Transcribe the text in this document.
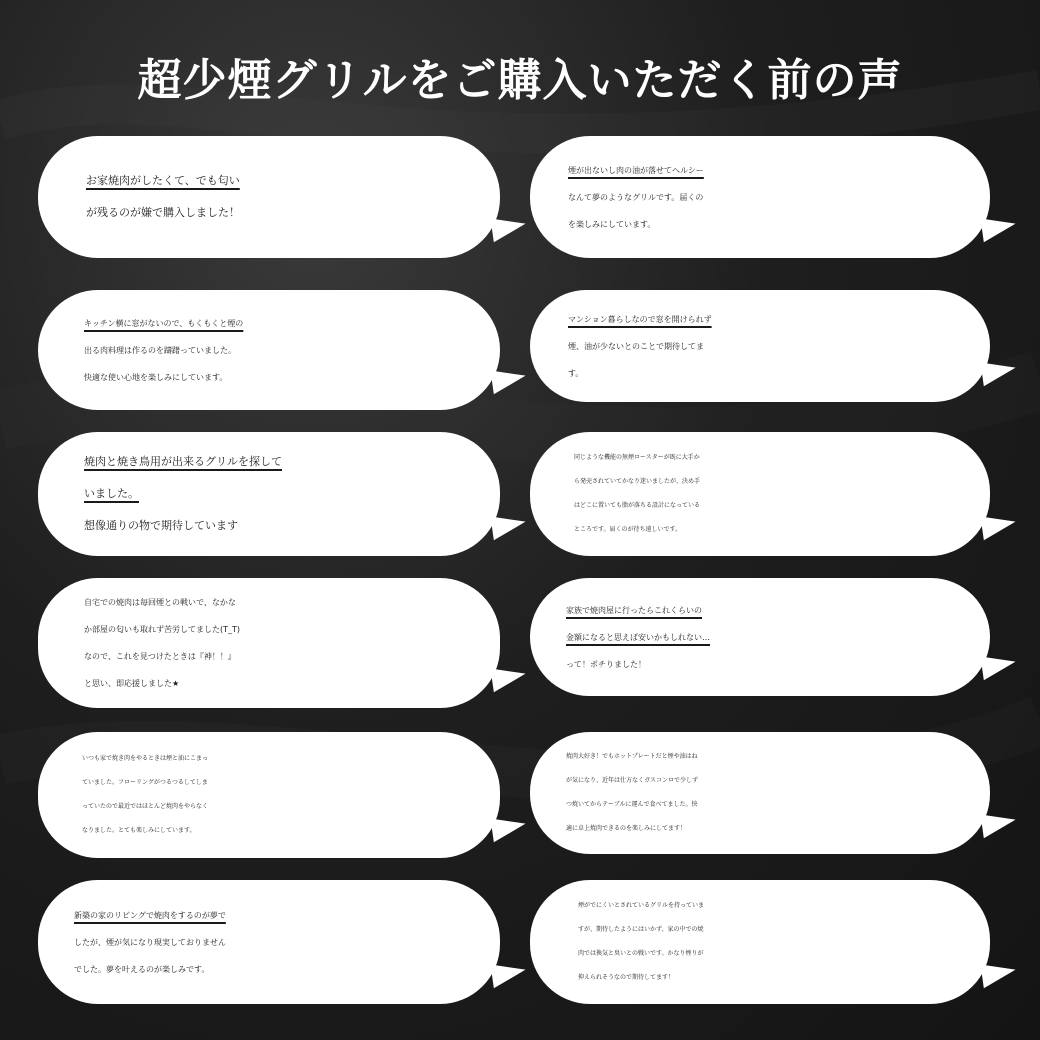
超少煙グリルをご購入いただく前の声
お家焼肉がしたくて、でも匂い
が残るのが嫌で購入しました！
キッチン横に窓がないので、もくもくと煙の
出る肉料理は作るのを躊躇っていました。
快適な使い心地を楽しみにしています。
焼肉と焼き鳥用が出来るグリルを探して
いました。
想像通りの物で期待しています
自宅での焼肉は毎回煙との戦いで、なかな
か部屋の匂いも取れず苦労してました(T_T)
なので、これを見つけたときは『神！！』
と思い、即応援しました★
いつも家で焼き肉をやるときは煙と油にこまっ
ていました。フローリングがつるつるしてしま
っていたので最近ではほとんど焼肉をやらなく
なりました。とても楽しみにしています。
新築の家のリビングで焼肉をするのが夢で
したが、煙が気になり現実しておりません
でした。夢を叶えるのが楽しみです。
煙が出ないし肉の油が落せてヘルシー
なんて夢のようなグリルです。届くの
を楽しみにしています。
マンション暮らしなので窓を開けられず
煙、油が少ないとのことで期待してま
す。
同じような機能の無煙ロースターが既に大手か
ら発売されていてかなり迷いましたが、決め手
はどこに置いても脂が落ちる設計になっている
ところです。届くのが待ち遠しいです。
家族で焼肉屋に行ったらこれくらいの
金額になると思えば安いかもしれない…
って！ポチりました！
焼肉大好き！でもホットプレートだと煙や油はね
が気になり、近年は仕方なくガスコンロで少しず
つ焼いてからテーブルに運んで食べてました。快
適に卓上焼肉できるのを楽しみにしてます！
煙がでにくいとされているグリルを持っていま
すが、期待したようにはいかず、家の中での焼
肉では換気と臭いとの戦いです。かなり煙りが
抑えられそうなので期待してます！
